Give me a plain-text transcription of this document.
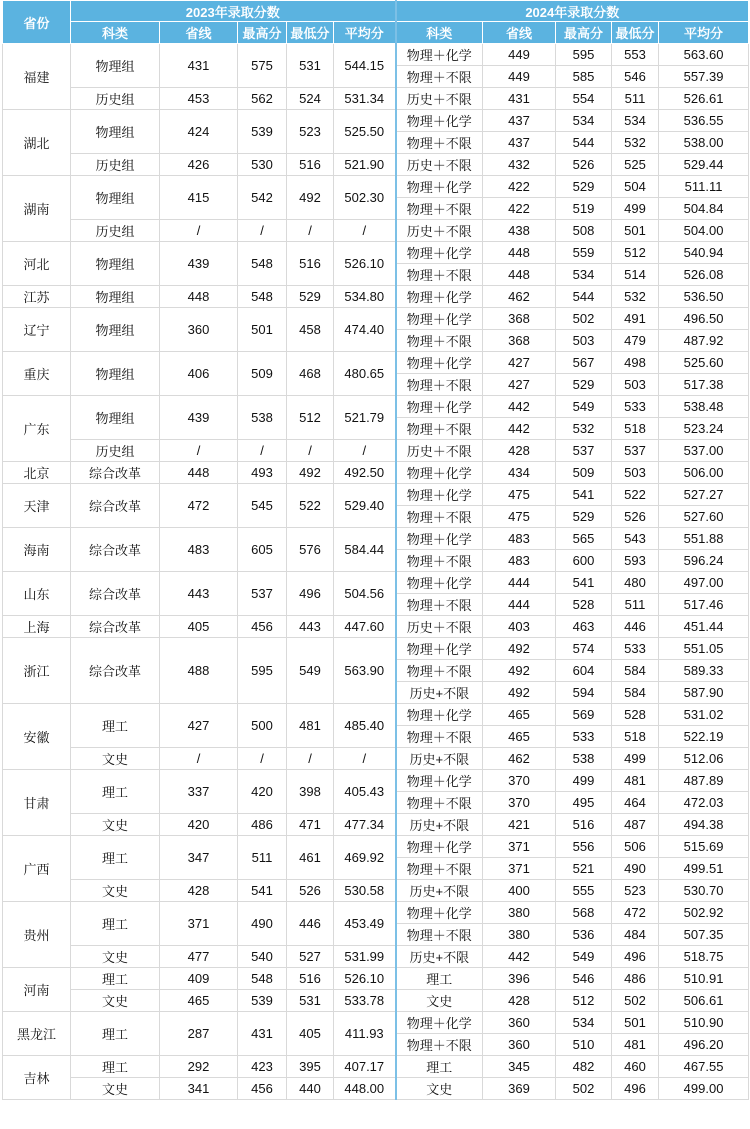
省份	2023年录取分数					2024年录取分数				
	科类	省线	最高分	最低分	平均分	科类	省线	最高分	最低分	平均分
福建	物理组	431	575	531	544.15	物理＋化学	449	595	553	563.60
						物理＋不限	449	585	546	557.39
	历史组	453	562	524	531.34	历史＋不限	431	554	511	526.61
湖北	物理组	424	539	523	525.50	物理＋化学	437	534	534	536.55
						物理＋不限	437	544	532	538.00
	历史组	426	530	516	521.90	历史＋不限	432	526	525	529.44
湖南	物理组	415	542	492	502.30	物理＋化学	422	529	504	511.11
						物理＋不限	422	519	499	504.84
	历史组	/	/	/	/	历史＋不限	438	508	501	504.00
河北	物理组	439	548	516	526.10	物理＋化学	448	559	512	540.94
						物理＋不限	448	534	514	526.08
江苏	物理组	448	548	529	534.80	物理＋化学	462	544	532	536.50
辽宁	物理组	360	501	458	474.40	物理＋化学	368	502	491	496.50
						物理＋不限	368	503	479	487.92
重庆	物理组	406	509	468	480.65	物理＋化学	427	567	498	525.60
						物理＋不限	427	529	503	517.38
广东	物理组	439	538	512	521.79	物理＋化学	442	549	533	538.48
						物理＋不限	442	532	518	523.24
	历史组	/	/	/	/	历史＋不限	428	537	537	537.00
北京	综合改革	448	493	492	492.50	物理＋化学	434	509	503	506.00
天津	综合改革	472	545	522	529.40	物理＋化学	475	541	522	527.27
						物理＋不限	475	529	526	527.60
海南	综合改革	483	605	576	584.44	物理＋化学	483	565	543	551.88
						物理＋不限	483	600	593	596.24
山东	综合改革	443	537	496	504.56	物理＋化学	444	541	480	497.00
						物理＋不限	444	528	511	517.46
上海	综合改革	405	456	443	447.60	历史＋不限	403	463	446	451.44
浙江	综合改革	488	595	549	563.90	物理＋化学	492	574	533	551.05
						物理＋不限	492	604	584	589.33
						历史+不限	492	594	584	587.90
安徽	理工	427	500	481	485.40	物理＋化学	465	569	528	531.02
						物理＋不限	465	533	518	522.19
	文史	/	/	/	/	历史+不限	462	538	499	512.06
甘肃	理工	337	420	398	405.43	物理＋化学	370	499	481	487.89
						物理＋不限	370	495	464	472.03
	文史	420	486	471	477.34	历史+不限	421	516	487	494.38
广西	理工	347	511	461	469.92	物理＋化学	371	556	506	515.69
						物理＋不限	371	521	490	499.51
	文史	428	541	526	530.58	历史+不限	400	555	523	530.70
贵州	理工	371	490	446	453.49	物理＋化学	380	568	472	502.92
						物理＋不限	380	536	484	507.35
	文史	477	540	527	531.99	历史+不限	442	549	496	518.75
河南	理工	409	548	516	526.10	理工	396	546	486	510.91
	文史	465	539	531	533.78	文史	428	512	502	506.61
黑龙江	理工	287	431	405	411.93	物理＋化学	360	534	501	510.90
						物理＋不限	360	510	481	496.20
吉林	理工	292	423	395	407.17	理工	345	482	460	467.55
	文史	341	456	440	448.00	文史	369	502	496	499.00
